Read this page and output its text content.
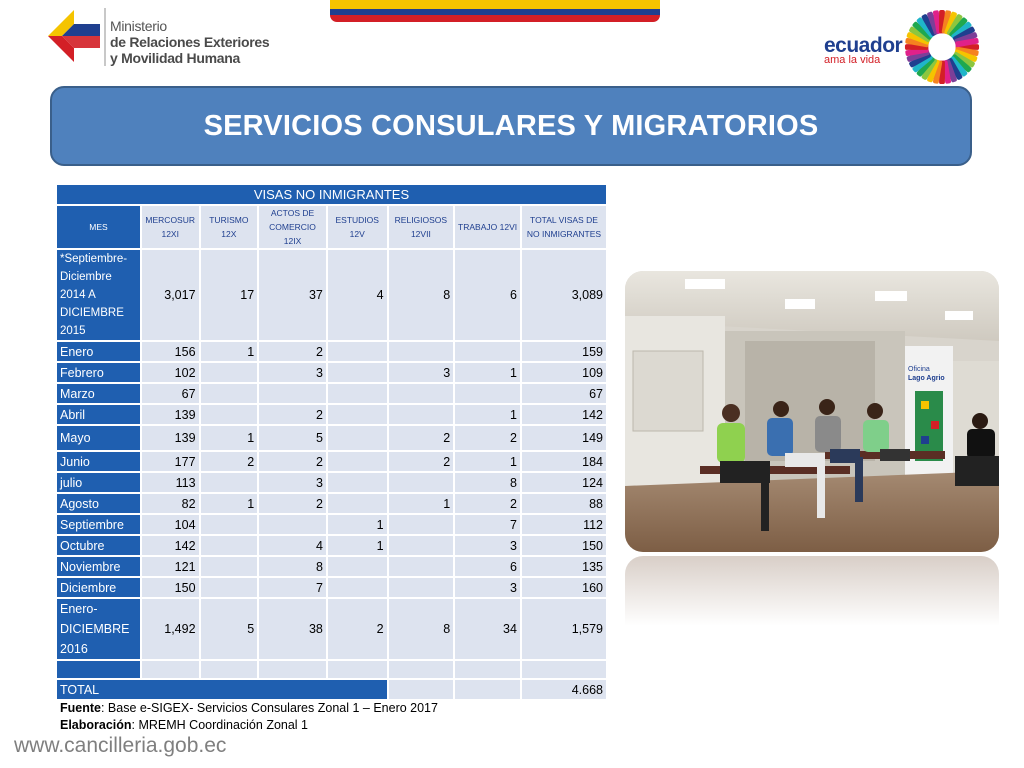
Ministerio
de Relaciones Exteriores
y Movilidad Humana
ecuador
ama la vida
SERVICIOS CONSULARES Y MIGRATORIOS
VISAS NO INMIGRANTES							
MES	MERCOSUR 12XI	TURISMO 12X	ACTOS DE COMERCIO 12IX	ESTUDIOS 12V	RELIGIOSOS 12VII	TRABAJO 12VI	TOTAL VISAS DE NO INMIGRANTES
*Septiembre-Diciembre 2014 A DICIEMBRE 2015	3,017	17	37	4	8	6	3,089
Enero	156	1	2				159
Febrero	102		3		3	1	109
Marzo	67						67
Abril	139		2			1	142
Mayo	139	1	5		2	2	149
Junio	177	2	2		2	1	184
julio	113		3			8	124
Agosto	82	1	2		1	2	88
Septiembre	104			1		7	112
Octubre	142		4	1		3	150
Noviembre	121		8			6	135
Diciembre	150		7			3	160
Enero-DICIEMBRE 2016	1,492	5	38	2	8	34	1,579

TOTAL							4.668
Fuente: Base e-SIGEX- Servicios Consulares Zonal 1 – Enero 2017
Elaboración: MREMH Coordinación Zonal 1
www.cancilleria.gob.ec
Oficina
Lago Agrio
